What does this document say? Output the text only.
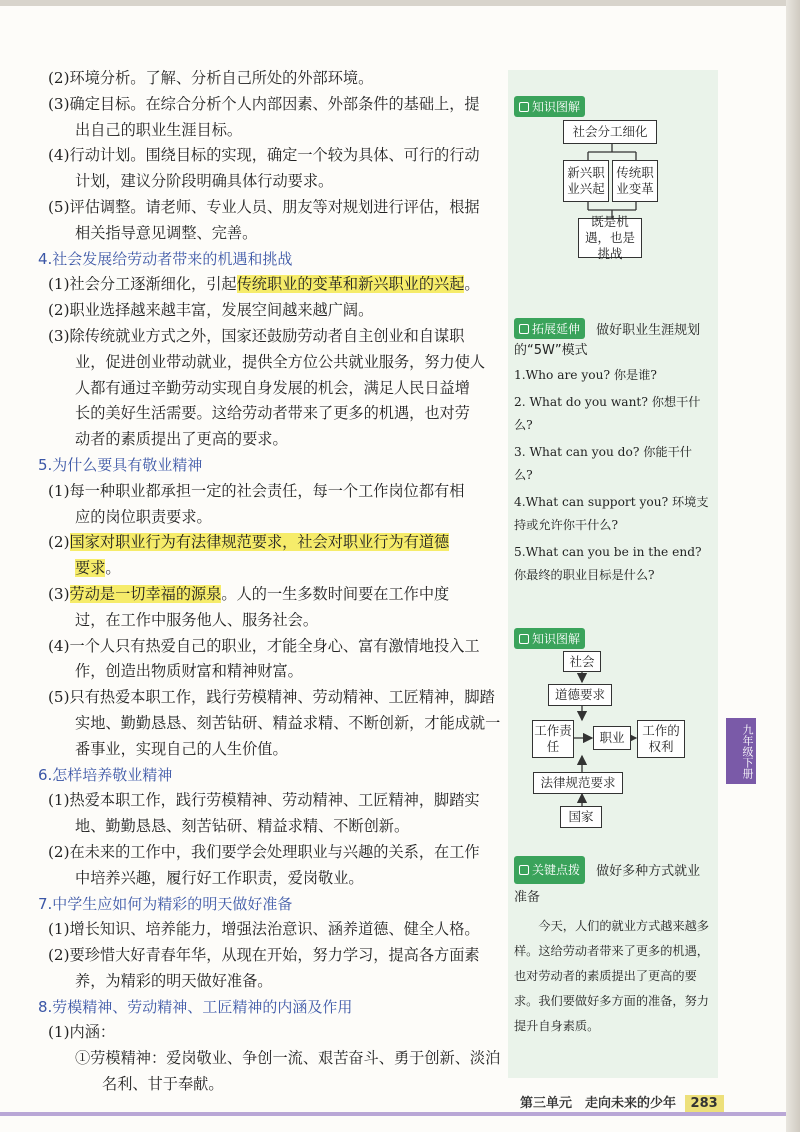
(2)环境分析。了解、分析自己所处的外部环境。
(3)确定目标。在综合分析个人内部因素、外部条件的基础上，提
出自己的职业生涯目标。
(4)行动计划。围绕目标的实现，确定一个较为具体、可行的行动
计划，建议分阶段明确具体行动要求。
(5)评估调整。请老师、专业人员、朋友等对规划进行评估，根据
相关指导意见调整、完善。
4.社会发展给劳动者带来的机遇和挑战
(1)社会分工逐渐细化，引起传统职业的变革和新兴职业的兴起。
(2)职业选择越来越丰富，发展空间越来越广阔。
(3)除传统就业方式之外，国家还鼓励劳动者自主创业和自谋职
业，促进创业带动就业，提供全方位公共就业服务，努力使人
人都有通过辛勤劳动实现自身发展的机会，满足人民日益增
长的美好生活需要。这给劳动者带来了更多的机遇，也对劳
动者的素质提出了更高的要求。
5.为什么要具有敬业精神
(1)每一种职业都承担一定的社会责任，每一个工作岗位都有相
应的岗位职责要求。
(2)国家对职业行为有法律规范要求，社会对职业行为有道德
要求。
(3)劳动是一切幸福的源泉。人的一生多数时间要在工作中度
过，在工作中服务他人、服务社会。
(4)一个人只有热爱自己的职业，才能全身心、富有激情地投入工
作，创造出物质财富和精神财富。
(5)只有热爱本职工作，践行劳模精神、劳动精神、工匠精神，脚踏
实地、勤勤恳恳、刻苦钻研、精益求精、不断创新，才能成就一
番事业，实现自己的人生价值。
6.怎样培养敬业精神
(1)热爱本职工作，践行劳模精神、劳动精神、工匠精神，脚踏实
地、勤勤恳恳、刻苦钻研、精益求精、不断创新。
(2)在未来的工作中，我们要学会处理职业与兴趣的关系，在工作
中培养兴趣，履行好工作职责，爱岗敬业。
7.中学生应如何为精彩的明天做好准备
(1)增长知识、培养能力，增强法治意识、涵养道德、健全人格。
(2)要珍惜大好青春年华，从现在开始，努力学习，提高各方面素
养，为精彩的明天做好准备。
8.劳模精神、劳动精神、工匠精神的内涵及作用
(1)内涵：
①劳模精神：爱岗敬业、争创一流、艰苦奋斗、勇于创新、淡泊
名利、甘于奉献。
知识图解
社会分工细化
新兴职业兴起
传统职业变革
既是机遇，也是挑战
拓展延伸 做好职业生涯规划的“5W”模式
1.Who are you? 你是谁?
2. What do you want? 你想干什么?
3. What can you do? 你能干什么?
4.What can support you? 环境支持或允许你干什么?
5.What can you be in the end? 你最终的职业目标是什么?
知识图解
社会
道德要求
工作责任
职业	工作的权利
法律规范要求
国家
关键点拨 做好多种方式就业准备
今天，人们的就业方式越来越多样。这给劳动者带来了更多的机遇，也对劳动者的素质提出了更高的要求。我们要做好多方面的准备，努力提升自身素质。
九年级下册
第三单元　走向未来的少年 283
